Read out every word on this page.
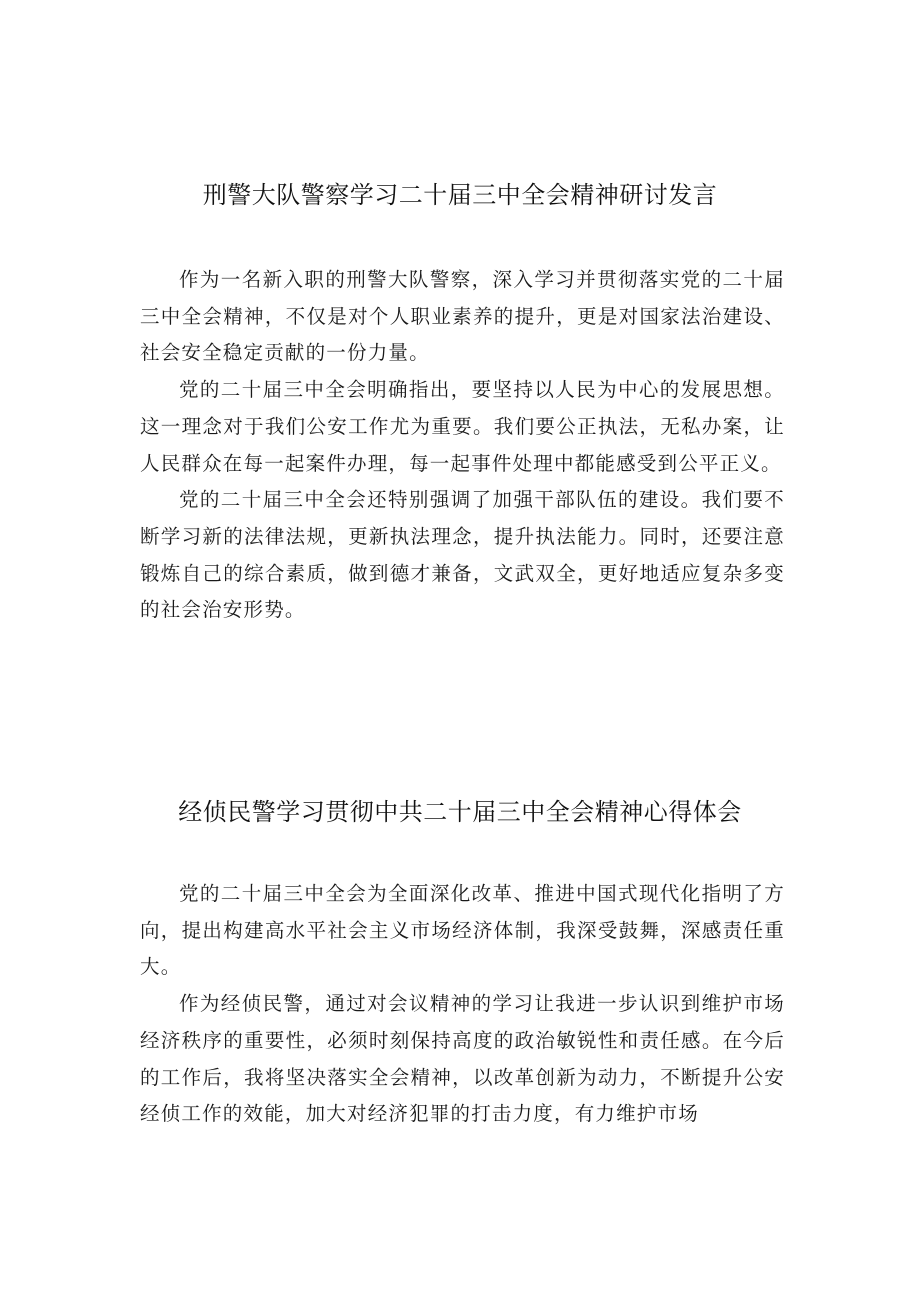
刑警大队警察学习二十届三中全会精神研讨发言

作为一名新入职的刑警大队警察，深入学习并贯彻落实党的二十届三中全会精神，不仅是对个人职业素养的提升，更是对国家法治建设、社会安全稳定贡献的一份力量。

党的二十届三中全会明确指出，要坚持以人民为中心的发展思想。这一理念对于我们公安工作尤为重要。我们要公正执法，无私办案，让人民群众在每一起案件办理，每一起事件处理中都能感受到公平正义。

党的二十届三中全会还特别强调了加强干部队伍的建设。我们要不断学习新的法律法规，更新执法理念，提升执法能力。同时，还要注意锻炼自己的综合素质，做到德才兼备，文武双全，更好地适应复杂多变的社会治安形势。

经侦民警学习贯彻中共二十届三中全会精神心得体会

党的二十届三中全会为全面深化改革、推进中国式现代化指明了方向，提出构建高水平社会主义市场经济体制，我深受鼓舞，深感责任重大。

作为经侦民警，通过对会议精神的学习让我进一步认识到维护市场经济秩序的重要性，必须时刻保持高度的政治敏锐性和责任感。在今后的工作后，我将坚决落实全会精神，以改革创新为动力，不断提升公安经侦工作的效能，加大对经济犯罪的打击力度，有力维护市场
